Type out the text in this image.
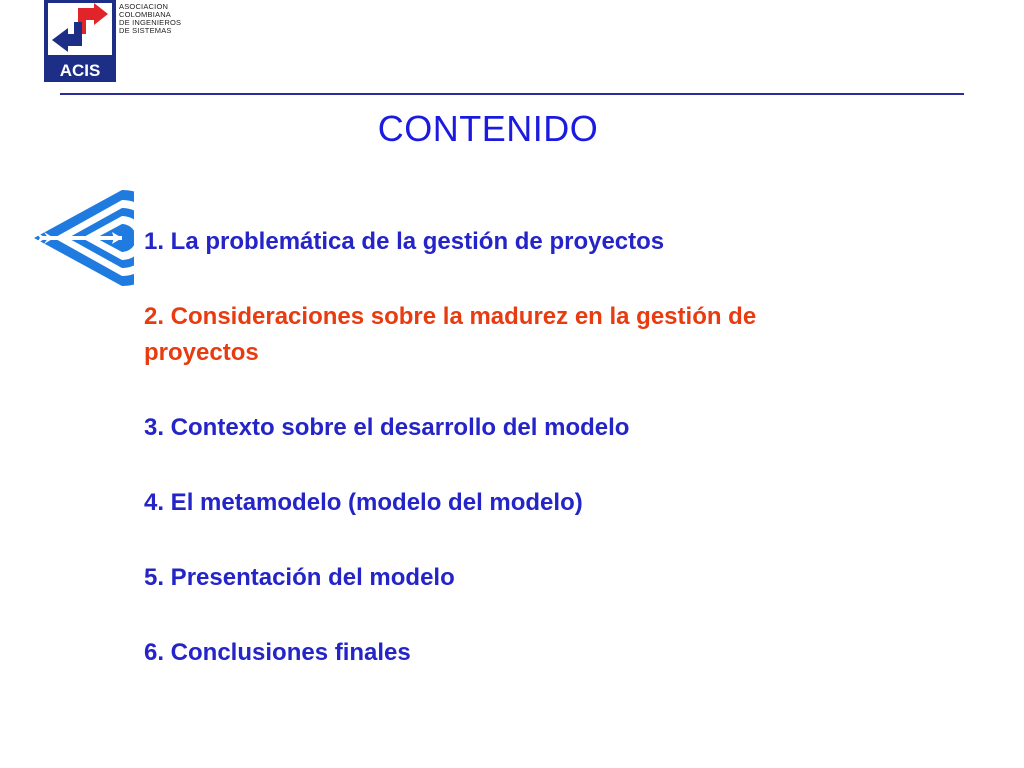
ACIS
ASOCIACION
COLOMBIANA
DE INGENIEROS
DE SISTEMAS
CONTENIDO
1. La problemática de la gestión de proyectos
2. Consideraciones sobre la madurez en la gestión de proyectos
3. Contexto sobre el desarrollo del modelo
4. El metamodelo (modelo del modelo)
5. Presentación del modelo
6. Conclusiones finales
